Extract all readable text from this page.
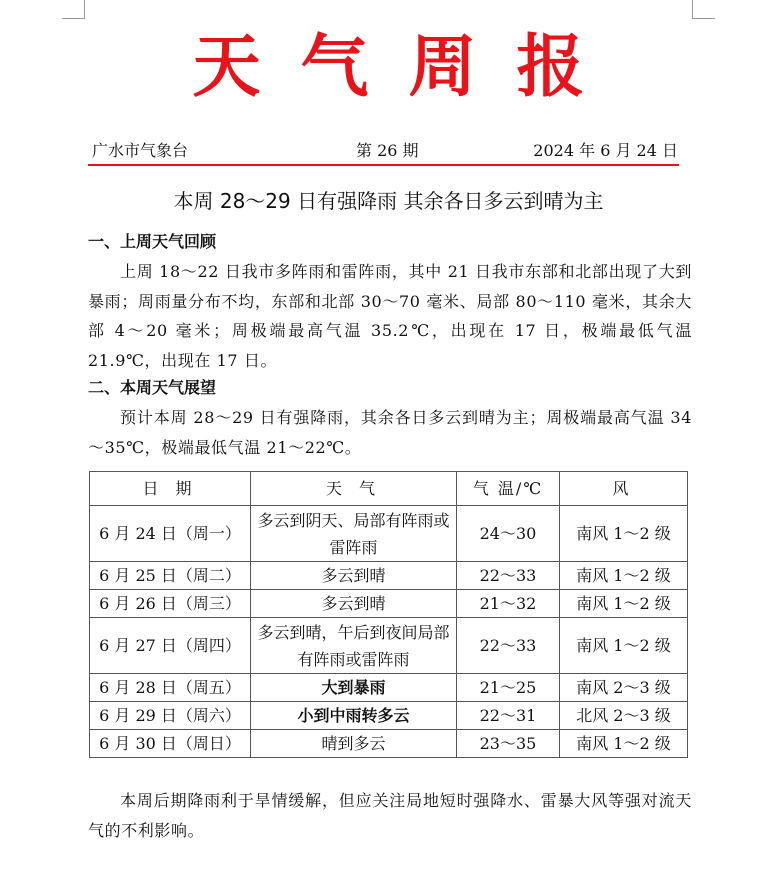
天气周报
广水市气象台	第 26 期	2024 年 6 月 24 日
本周 28～29 日有强降雨 其余各日多云到晴为主
一、上周天气回顾
上周 18～22 日我市多阵雨和雷阵雨，其中 21 日我市东部和北部出现了大到暴雨；周雨量分布不均，东部和北部 30～70 毫米、局部 80～110 毫米，其余大部 4～20 毫米；周极端最高气温 35.2℃，出现在 17 日，极端最低气温 21.9℃，出现在 17 日。
二、本周天气展望
预计本周 28～29 日有强降雨，其余各日多云到晴为主；周极端最高气温 34～35℃，极端最低气温 21～22℃。
日 期	天 气	气 温/℃	风
6 月 24 日（周一）	多云到阴天、局部有阵雨或雷阵雨	24～30	南风 1～2 级
6 月 25 日（周二）	多云到晴	22～33	南风 1～2 级
6 月 26 日（周三）	多云到晴	21～32	南风 1～2 级
6 月 27 日（周四）	多云到晴，午后到夜间局部有阵雨或雷阵雨	22～33	南风 1～2 级
6 月 28 日（周五）	大到暴雨	21～25	南风 2～3 级
6 月 29 日（周六）	小到中雨转多云	22～31	北风 2～3 级
6 月 30 日（周日）	晴到多云	23～35	南风 1～2 级
本周后期降雨利于旱情缓解，但应关注局地短时强降水、雷暴大风等强对流天气的不利影响。
